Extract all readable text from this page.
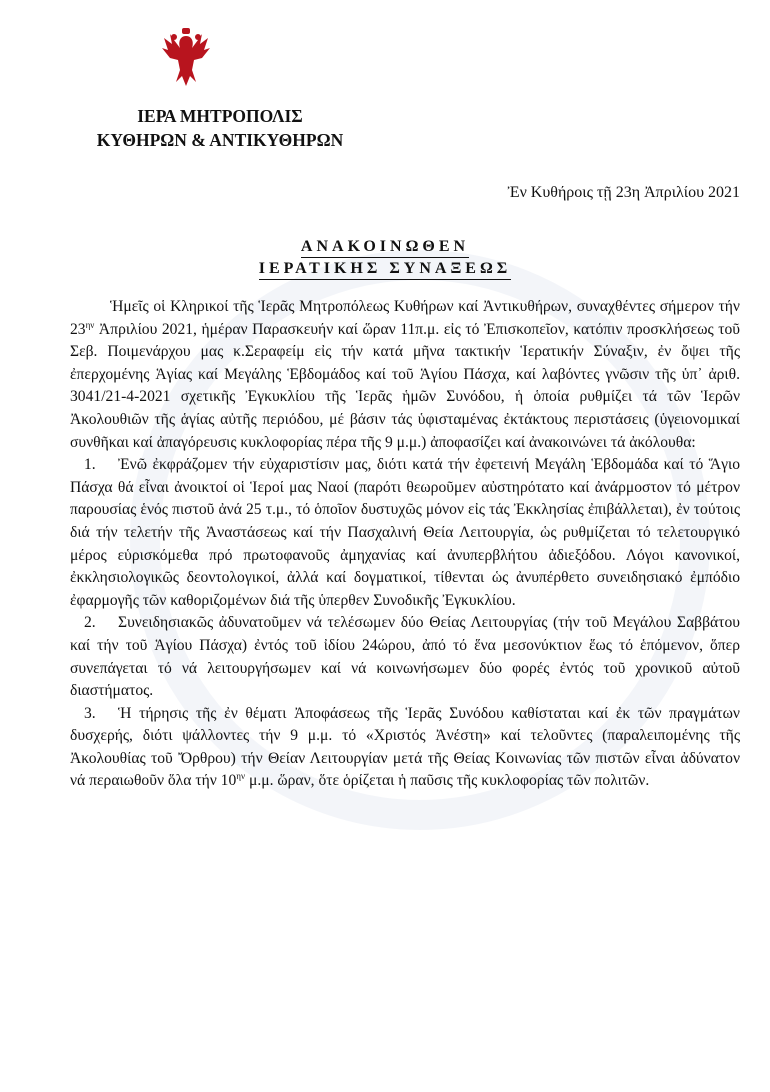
ΙΕΡΑ ΜΗΤΡΟΠΟΛΙΣ
ΚΥΘΗΡΩΝ & ΑΝΤΙΚΥΘΗΡΩΝ
Ἐν Κυθήροις τῇ 23η Ἀπριλίου 2021
ΑΝΑΚΟΙΝΩΘΕΝ
ΙΕΡΑΤΙΚΗΣ ΣΥΝΑΞΕΩΣ

Ἡμεῖς οἱ Κληρικοί τῆς Ἱερᾶς Μητροπόλεως Κυθήρων καί Ἀντικυθήρων, συναχθέντες σήμερον τήν $23^{\eta\nu}$ Ἀπριλίου 2021, ἡμέραν Παρασκευήν καί ὥραν 11π.μ. εἰς τό Ἐπισκοπεῖον, κατόπιν προσκλήσεως τοῦ Σεβ. Ποιμενάρχου μας κ.Σεραφείμ εἰς τήν κατά μῆνα τακτικήν Ἱερατικήν Σύναξιν, ἐν ὄψει τῆς ἐπερχομένης Ἁγίας καί Μεγάλης Ἑβδομάδος καί τοῦ Ἁγίου Πάσχα, καί λαβόντες γνῶσιν τῆς ὑπ᾽ ἀριθ. 3041/21-4-2021 σχετικῆς Ἐγκυκλίου τῆς Ἱερᾶς ἡμῶν Συνόδου, ἡ ὁποία ρυθμίζει τά τῶν Ἱερῶν Ἀκολουθιῶν τῆς ἁγίας αὐτῆς περιόδου, μέ βάσιν τάς ὑφισταμένας ἐκτάκτους περιστάσεις (ὑγειονομικαί συνθῆκαι καί ἀπαγόρευσις κυκλοφορίας πέρα τῆς 9 μ.μ.) ἀποφασίζει καί ἀνακοινώνει τά ἀκόλουθα:

1. Ἐνῶ ἐκφράζομεν τήν εὐχαριστίσιν μας, διότι κατά τήν ἐφετεινή Μεγάλη Ἑβδομάδα καί τό Ἅγιο Πάσχα θά εἶναι ἀνοικτοί οἱ Ἱεροί μας Ναοί (παρότι θεωροῦμεν αὐστηρότατο καί ἀνάρμοστον τό μέτρον παρουσίας ἑνός πιστοῦ ἀνά 25 τ.μ., τό ὁποῖον δυστυχῶς μόνον εἰς τάς Ἐκκλησίας ἐπιβάλλεται), ἐν τούτοις διά τήν τελετήν τῆς Ἀναστάσεως καί τήν Πασχαλινή Θεία Λειτουργία, ὡς ρυθμίζεται τό τελετουργικό μέρος εὑρισκόμεθα πρό πρωτοφανοῦς ἀμηχανίας καί ἀνυπερβλήτου ἀδιεξόδου. Λόγοι κανονικοί, ἐκκλησιολογικῶς δεοντολογικοί, ἀλλά καί δογματικοί, τίθενται ὡς ἀνυπέρθετο συνειδησιακό ἐμπόδιο ἐφαρμογῆς τῶν καθοριζομένων διά τῆς ὑπερθεν Συνοδικῆς Ἐγκυκλίου.

2. Συνειδησιακῶς ἀδυνατοῦμεν νά τελέσωμεν δύο Θείας Λειτουργίας (τήν τοῦ Μεγάλου Σαββάτου καί τήν τοῦ Ἁγίου Πάσχα) ἐντός τοῦ ἰδίου 24ώρου, ἀπό τό ἕνα μεσονύκτιον ἕως τό ἑπόμενον, ὅπερ συνεπάγεται τό νά λειτουργήσωμεν καί νά κοινωνήσωμεν δύο φορές ἐντός τοῦ χρονικοῦ αὐτοῦ διαστήματος.

3. Ἡ τήρησις τῆς ἐν θέματι Ἀποφάσεως τῆς Ἱερᾶς Συνόδου καθίσταται καί ἐκ τῶν πραγμάτων δυσχερής, διότι ψάλλοντες τήν 9 μ.μ. τό «Χριστός Ἀνέστη» καί τελοῦντες (παραλειπομένης τῆς Ἀκολουθίας τοῦ Ὄρθρου) τήν Θείαν Λειτουργίαν μετά τῆς Θείας Κοινωνίας τῶν πιστῶν εἶναι ἀδύνατον νά περαιωθοῦν ὅλα τήν $10^{\eta\nu}$ μ.μ. ὥραν, ὅτε ὁρίζεται ἡ παῦσις τῆς κυκλοφορίας τῶν πολιτῶν.
